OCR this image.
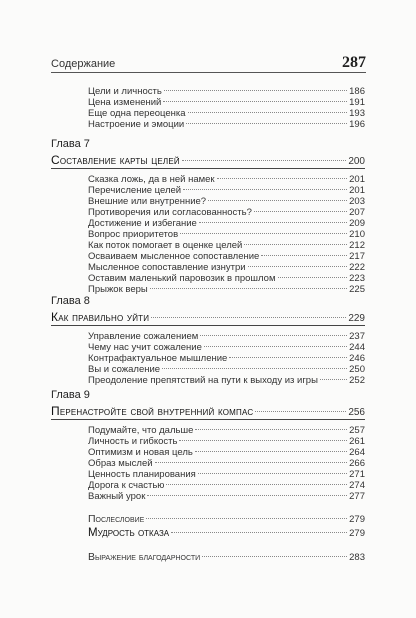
Содержание	287
Цели и личность	186
Цена изменений	191
Еще одна переоценка	193
Настроение и эмоции	196
Глава 7
Составление карты целей	200
Сказка ложь, да в ней намек	201
Перечисление целей	201
Внешние или внутренние?	203
Противоречия или согласованность?	207
Достижение и избегание	209
Вопрос приоритетов	210
Как поток помогает в оценке целей	212
Осваиваем мысленное сопоставление	217
Мысленное сопоставление изнутри	222
Оставим маленький паровозик в прошлом	223
Прыжок веры	225
Глава 8
Как правильно уйти	229
Управление сожалением	237
Чему нас учит сожаление	244
Контрафактуальное мышление	246
Вы и сожаление	250
Преодоление препятствий на пути к выходу из игры	252
Глава 9
Перенастройте свой внутренний компас	256
Подумайте, что дальше	257
Личность и гибкость	261
Оптимизм и новая цель	264
Образ мыслей	266
Ценность планирования	271
Дорога к счастью	274
Важный урок	277
Послесловие	279
Мудрость отказа	279
Выражение благодарности	283
